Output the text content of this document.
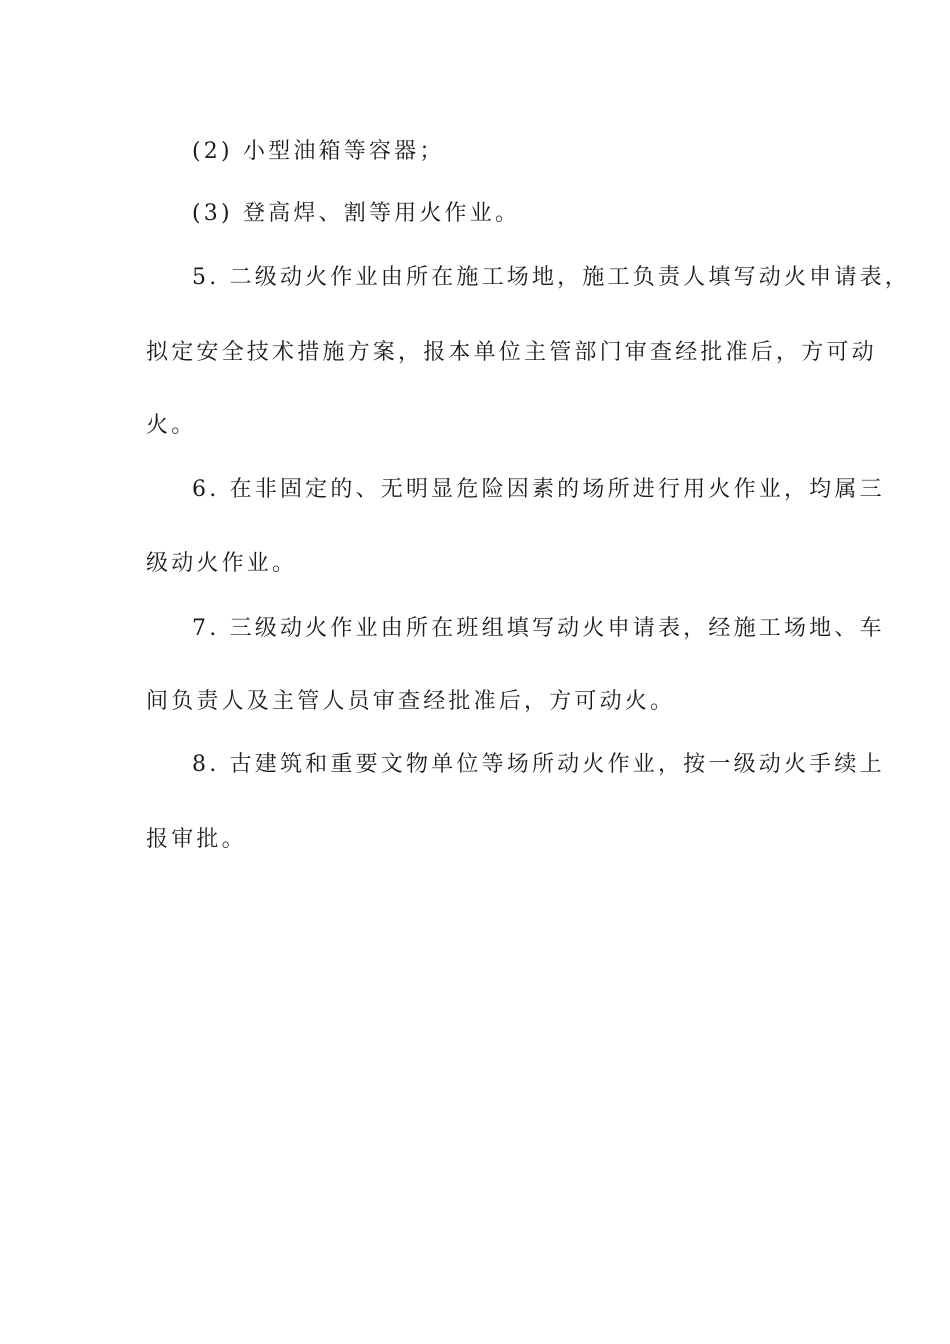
(2) 小型油箱等容器；
(3) 登高焊、割等用火作业。
5. 二级动火作业由所在施工场地，施工负责人填写动火申请表，
拟定安全技术措施方案，报本单位主管部门审查经批准后，方可动
火。
6. 在非固定的、无明显危险因素的场所进行用火作业，均属三
级动火作业。
7. 三级动火作业由所在班组填写动火申请表，经施工场地、车
间负责人及主管人员审查经批准后，方可动火。
8. 古建筑和重要文物单位等场所动火作业，按一级动火手续上
报审批。
